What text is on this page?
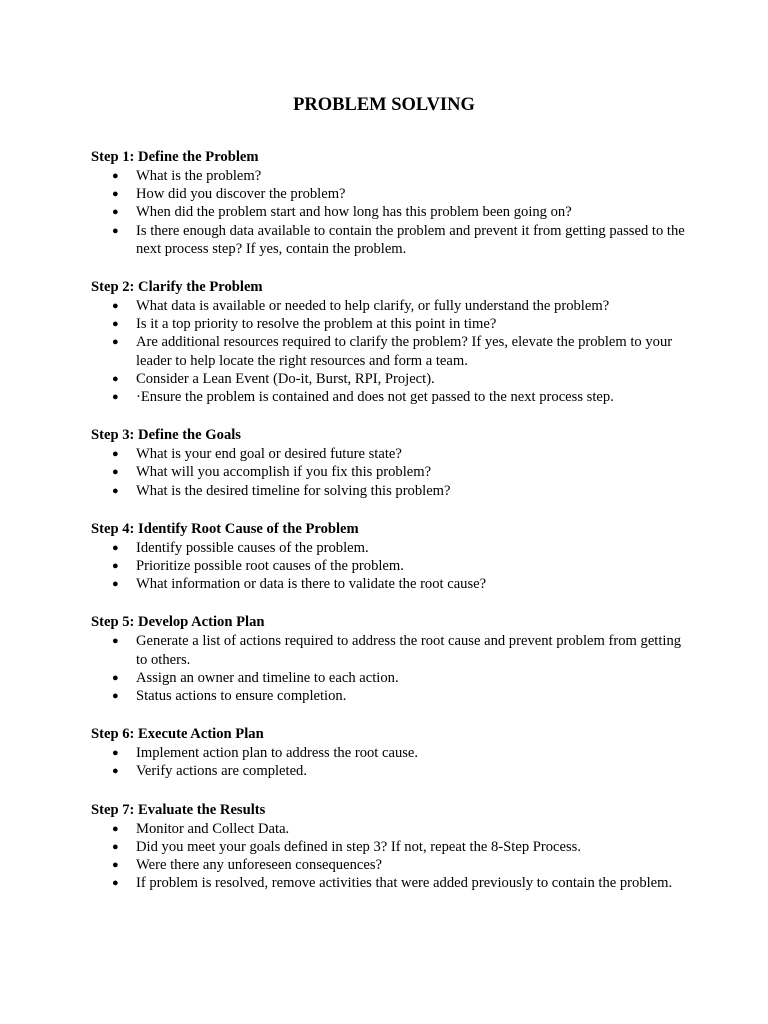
PROBLEM SOLVING
Step 1: Define the Problem
● What is the problem?
● How did you discover the problem?
● When did the problem start and how long has this problem been going on?
● Is there enough data available to contain the problem and prevent it from getting passed to the next process step? If yes, contain the problem.
Step 2: Clarify the Problem
● What data is available or needed to help clarify, or fully understand the problem?
● Is it a top priority to resolve the problem at this point in time?
● Are additional resources required to clarify the problem? If yes, elevate the problem to your leader to help locate the right resources and form a team.
● Consider a Lean Event (Do-it, Burst, RPI, Project).
● ·Ensure the problem is contained and does not get passed to the next process step.
Step 3: Define the Goals
● What is your end goal or desired future state?
● What will you accomplish if you fix this problem?
● What is the desired timeline for solving this problem?
Step 4: Identify Root Cause of the Problem
● Identify possible causes of the problem.
● Prioritize possible root causes of the problem.
● What information or data is there to validate the root cause?
Step 5: Develop Action Plan
● Generate a list of actions required to address the root cause and prevent problem from getting to others.
● Assign an owner and timeline to each action.
● Status actions to ensure completion.
Step 6: Execute Action Plan
● Implement action plan to address the root cause.
● Verify actions are completed.
Step 7: Evaluate the Results
● Monitor and Collect Data.
● Did you meet your goals defined in step 3? If not, repeat the 8-Step Process.
● Were there any unforeseen consequences?
● If problem is resolved, remove activities that were added previously to contain the problem.
